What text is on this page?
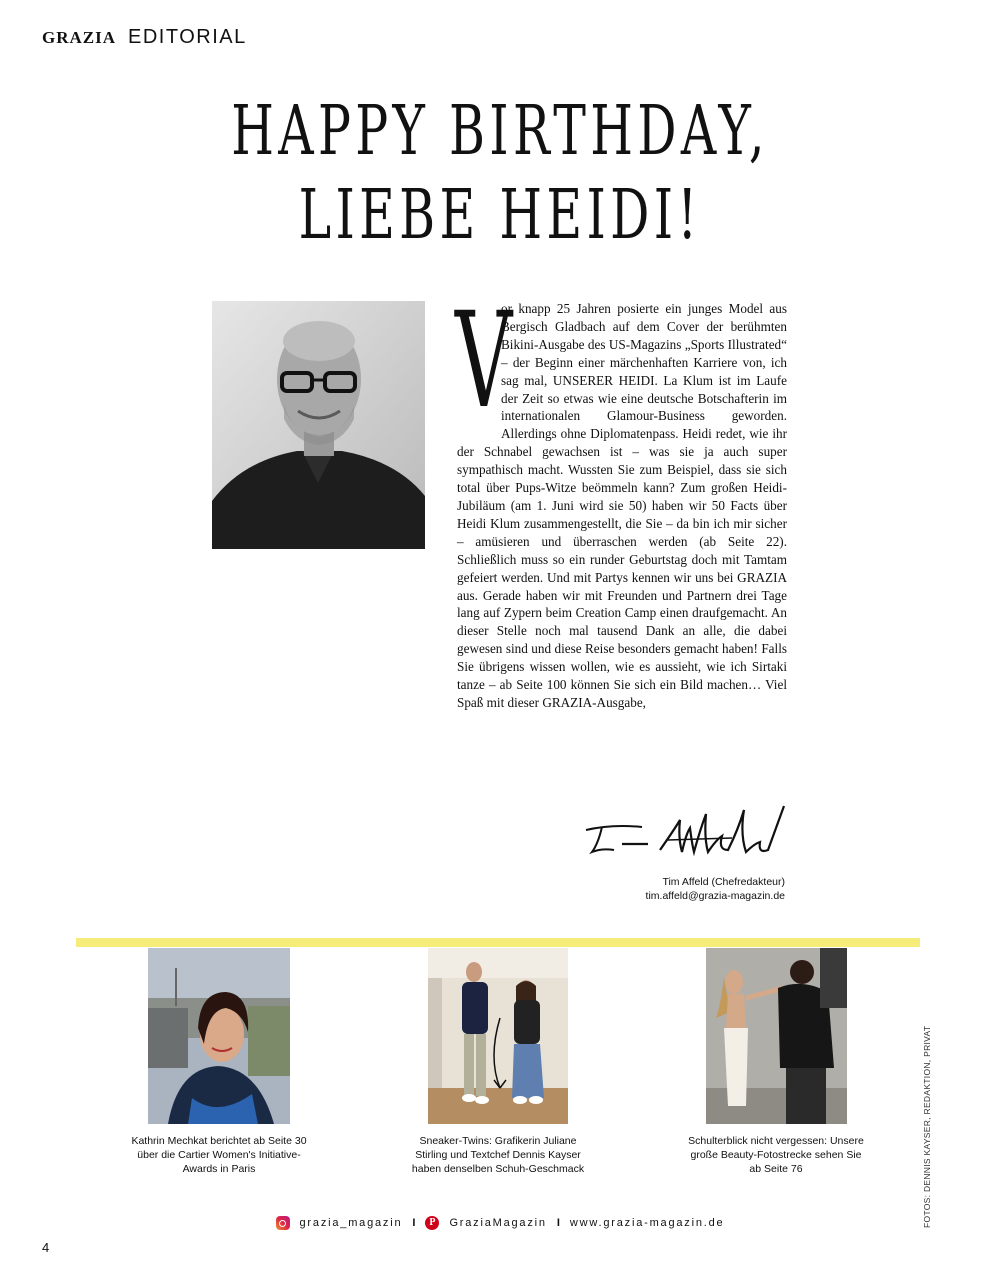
GRAZIA EDITORIAL
HAPPY BIRTHDAY,
LIEBE HEIDI!
V
or knapp 25 Jahren posierte ein junges Model aus Bergisch Gladbach auf dem Cover der berühmten Bikini-Ausgabe des US-Magazins „Sports Illustrated“ – der Beginn einer märchenhaften Karriere von, ich sag mal, UNSERER HEIDI. La Klum ist im Laufe der Zeit so etwas wie eine deutsche Botschafterin im internationalen Glamour-Business geworden. Allerdings ohne Diplomatenpass. Heidi redet, wie ihr der Schnabel gewachsen ist – was sie ja auch super sympathisch macht. Wussten Sie zum Beispiel, dass sie sich total über Pups-Witze beömmeln kann? Zum großen Heidi-Jubiläum (am 1. Juni wird sie 50) haben wir 50 Facts über Heidi Klum zusammengestellt, die Sie – da bin ich mir sicher – amüsieren und überraschen werden (ab Seite 22). Schließlich muss so ein runder Geburtstag doch mit Tamtam gefeiert werden. Und mit Partys kennen wir uns bei GRAZIA aus. Gerade haben wir mit Freunden und Partnern drei Tage lang auf Zypern beim Creation Camp einen draufgemacht. An dieser Stelle noch mal tausend Dank an alle, die dabei gewesen sind und diese Reise besonders gemacht haben! Falls Sie übrigens wissen wollen, wie es aussieht, wie ich Sirtaki tanze – ab Seite 100 können Sie sich ein Bild machen… Viel Spaß mit dieser GRAZIA-Ausgabe,
Tim Affeld (Chefredakteur)
tim.affeld@grazia-magazin.de
Kathrin Mechkat berichtet ab Seite 30 über die Cartier Women's Initiative-Awards in Paris
Sneaker-Twins: Grafikerin Juliane Stirling und Textchef Dennis Kayser haben denselben Schuh-Geschmack
Schulterblick nicht vergessen: Unsere große Beauty-Fotostrecke sehen Sie ab Seite 76	FOTOS: DENNIS KAYSER, REDAKTION, PRIVAT
grazia_magazin I	P	GraziaMagazin I www.grazia-magazin.de
4
